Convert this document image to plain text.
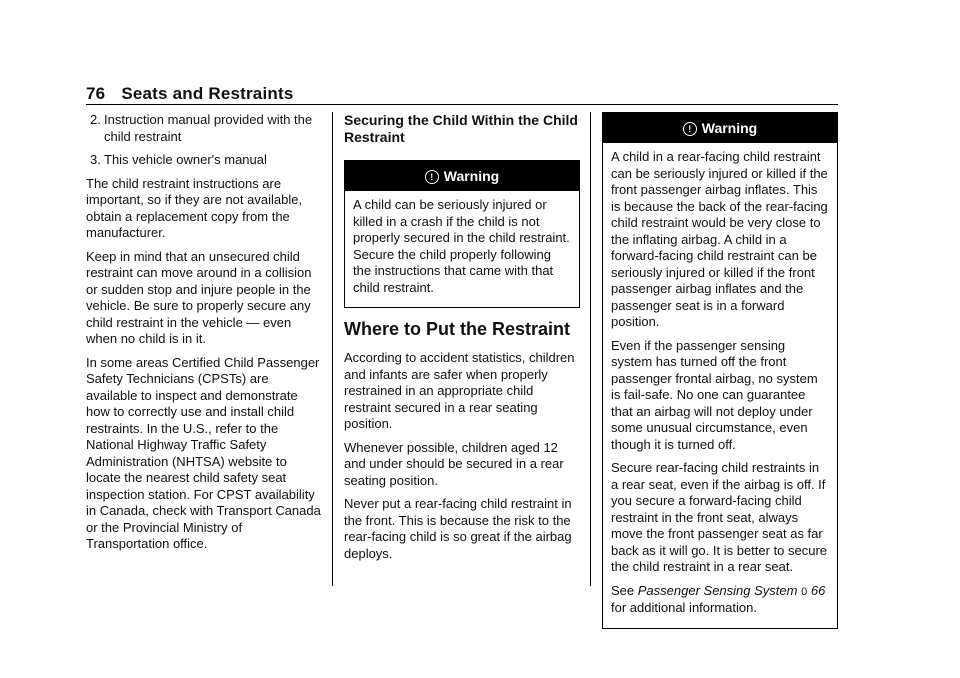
76 Seats and Restraints

2. Instruction manual provided with the child restraint

3. This vehicle owner's manual

The child restraint instructions are important, so if they are not available, obtain a replacement copy from the manufacturer.

Keep in mind that an unsecured child restraint can move around in a collision or sudden stop and injure people in the vehicle. Be sure to properly secure any child restraint in the vehicle — even when no child is in it.

In some areas Certified Child Passenger Safety Technicians (CPSTs) are available to inspect and demonstrate how to correctly use and install child restraints. In the U.S., refer to the National Highway Traffic Safety Administration (NHTSA) website to locate the nearest child safety seat inspection station. For CPST availability in Canada, check with Transport Canada or the Provincial Ministry of Transportation office.

Securing the Child Within the Child Restraint
! Warning

A child can be seriously injured or killed in a crash if the child is not properly secured in the child restraint. Secure the child properly following the instructions that came with that child restraint.

Where to Put the Restraint

According to accident statistics, children and infants are safer when properly restrained in an appropriate child restraint secured in a rear seating position.

Whenever possible, children aged 12 and under should be secured in a rear seating position.

Never put a rear-facing child restraint in the front. This is because the risk to the rear-facing child is so great if the airbag deploys.

! Warning

A child in a rear-facing child restraint can be seriously injured or killed if the front passenger airbag inflates. This is because the back of the rear-facing child restraint would be very close to the inflating airbag. A child in a forward-facing child restraint can be seriously injured or killed if the front passenger airbag inflates and the passenger seat is in a forward position.

Even if the passenger sensing system has turned off the front passenger frontal airbag, no system is fail-safe. No one can guarantee that an airbag will not deploy under some unusual circumstance, even though it is turned off.

Secure rear-facing child restraints in a rear seat, even if the airbag is off. If you secure a forward-facing child restraint in the front seat, always move the front passenger seat as far back as it will go. It is better to secure the child restraint in a rear seat.

See Passenger Sensing System 0 66 for additional information.
